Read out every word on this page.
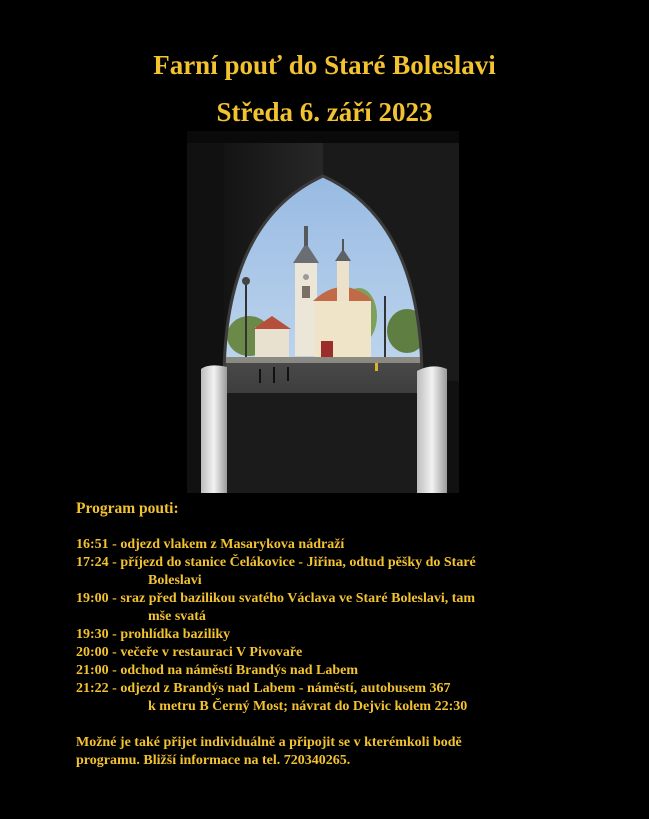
Farní pouť do Staré Boleslavi
Středa 6. září 2023
Program pouti:
16:51 - odjezd vlakem z Masarykova nádraží
17:24 - příjezd do stanice Čelákovice - Jiřina, odtud pěšky do Staré
Boleslavi
19:00 - sraz před bazilikou svatého Václava ve Staré Boleslavi, tam
mše svatá
19:30 - prohlídka baziliky
20:00 - večeře v restauraci V Pivovaře
21:00 - odchod na náměstí Brandýs nad Labem
21:22 - odjezd z Brandýs nad Labem - náměstí, autobusem 367
k metru B Černý Most; návrat do Dejvic kolem 22:30
Možné je také přijet individuálně a připojit se v kterémkoli bodě
programu. Bližší informace na tel. 720340265.
